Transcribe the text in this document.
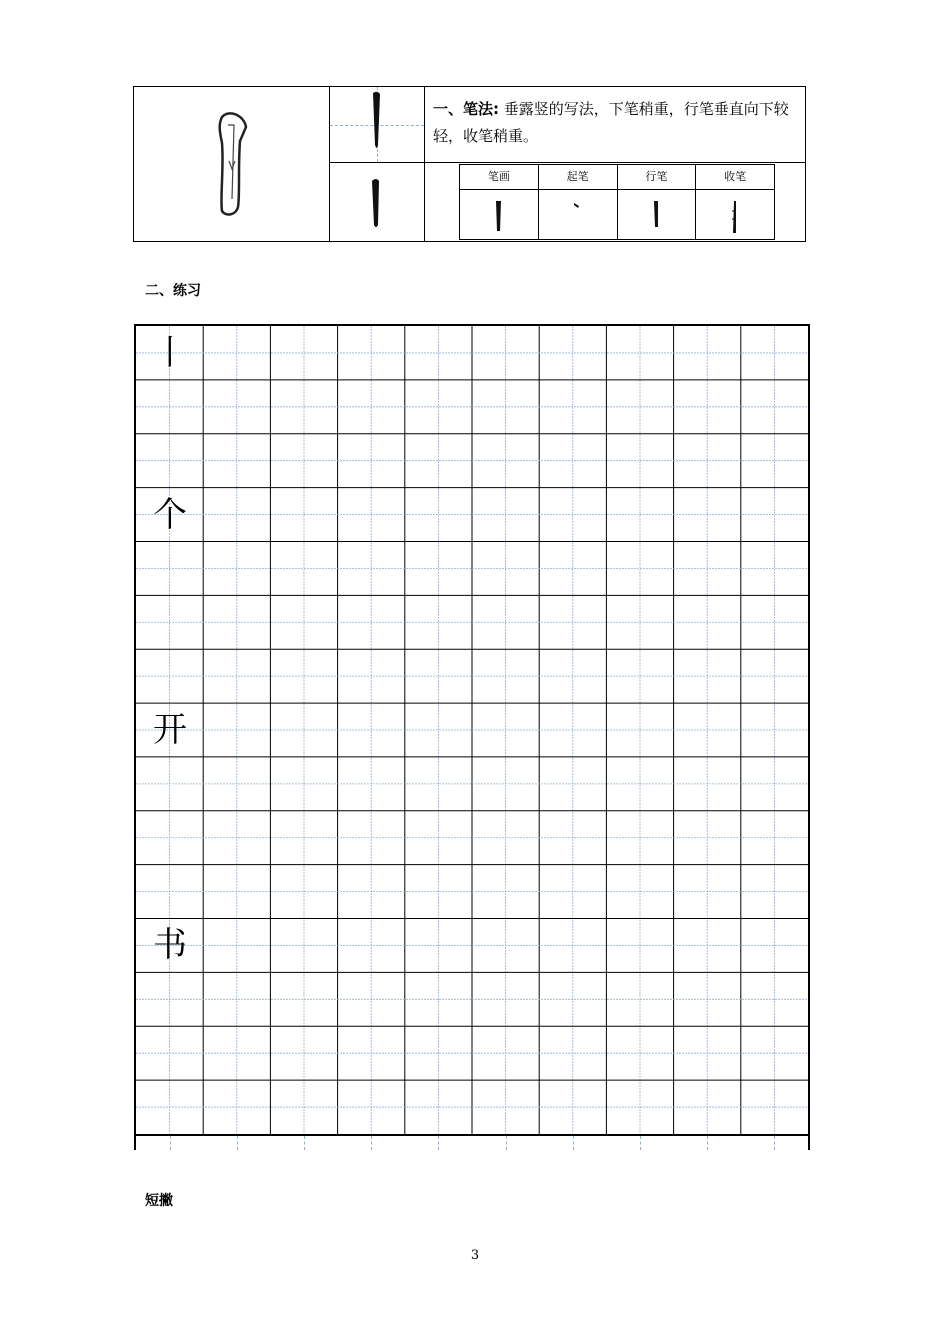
一、笔法: 垂露竖的写法，下笔稍重，行笔垂直向下较轻，收笔稍重。
笔画	起笔	行笔	收笔
二、练习
丨
个
开
书
短撇
3
